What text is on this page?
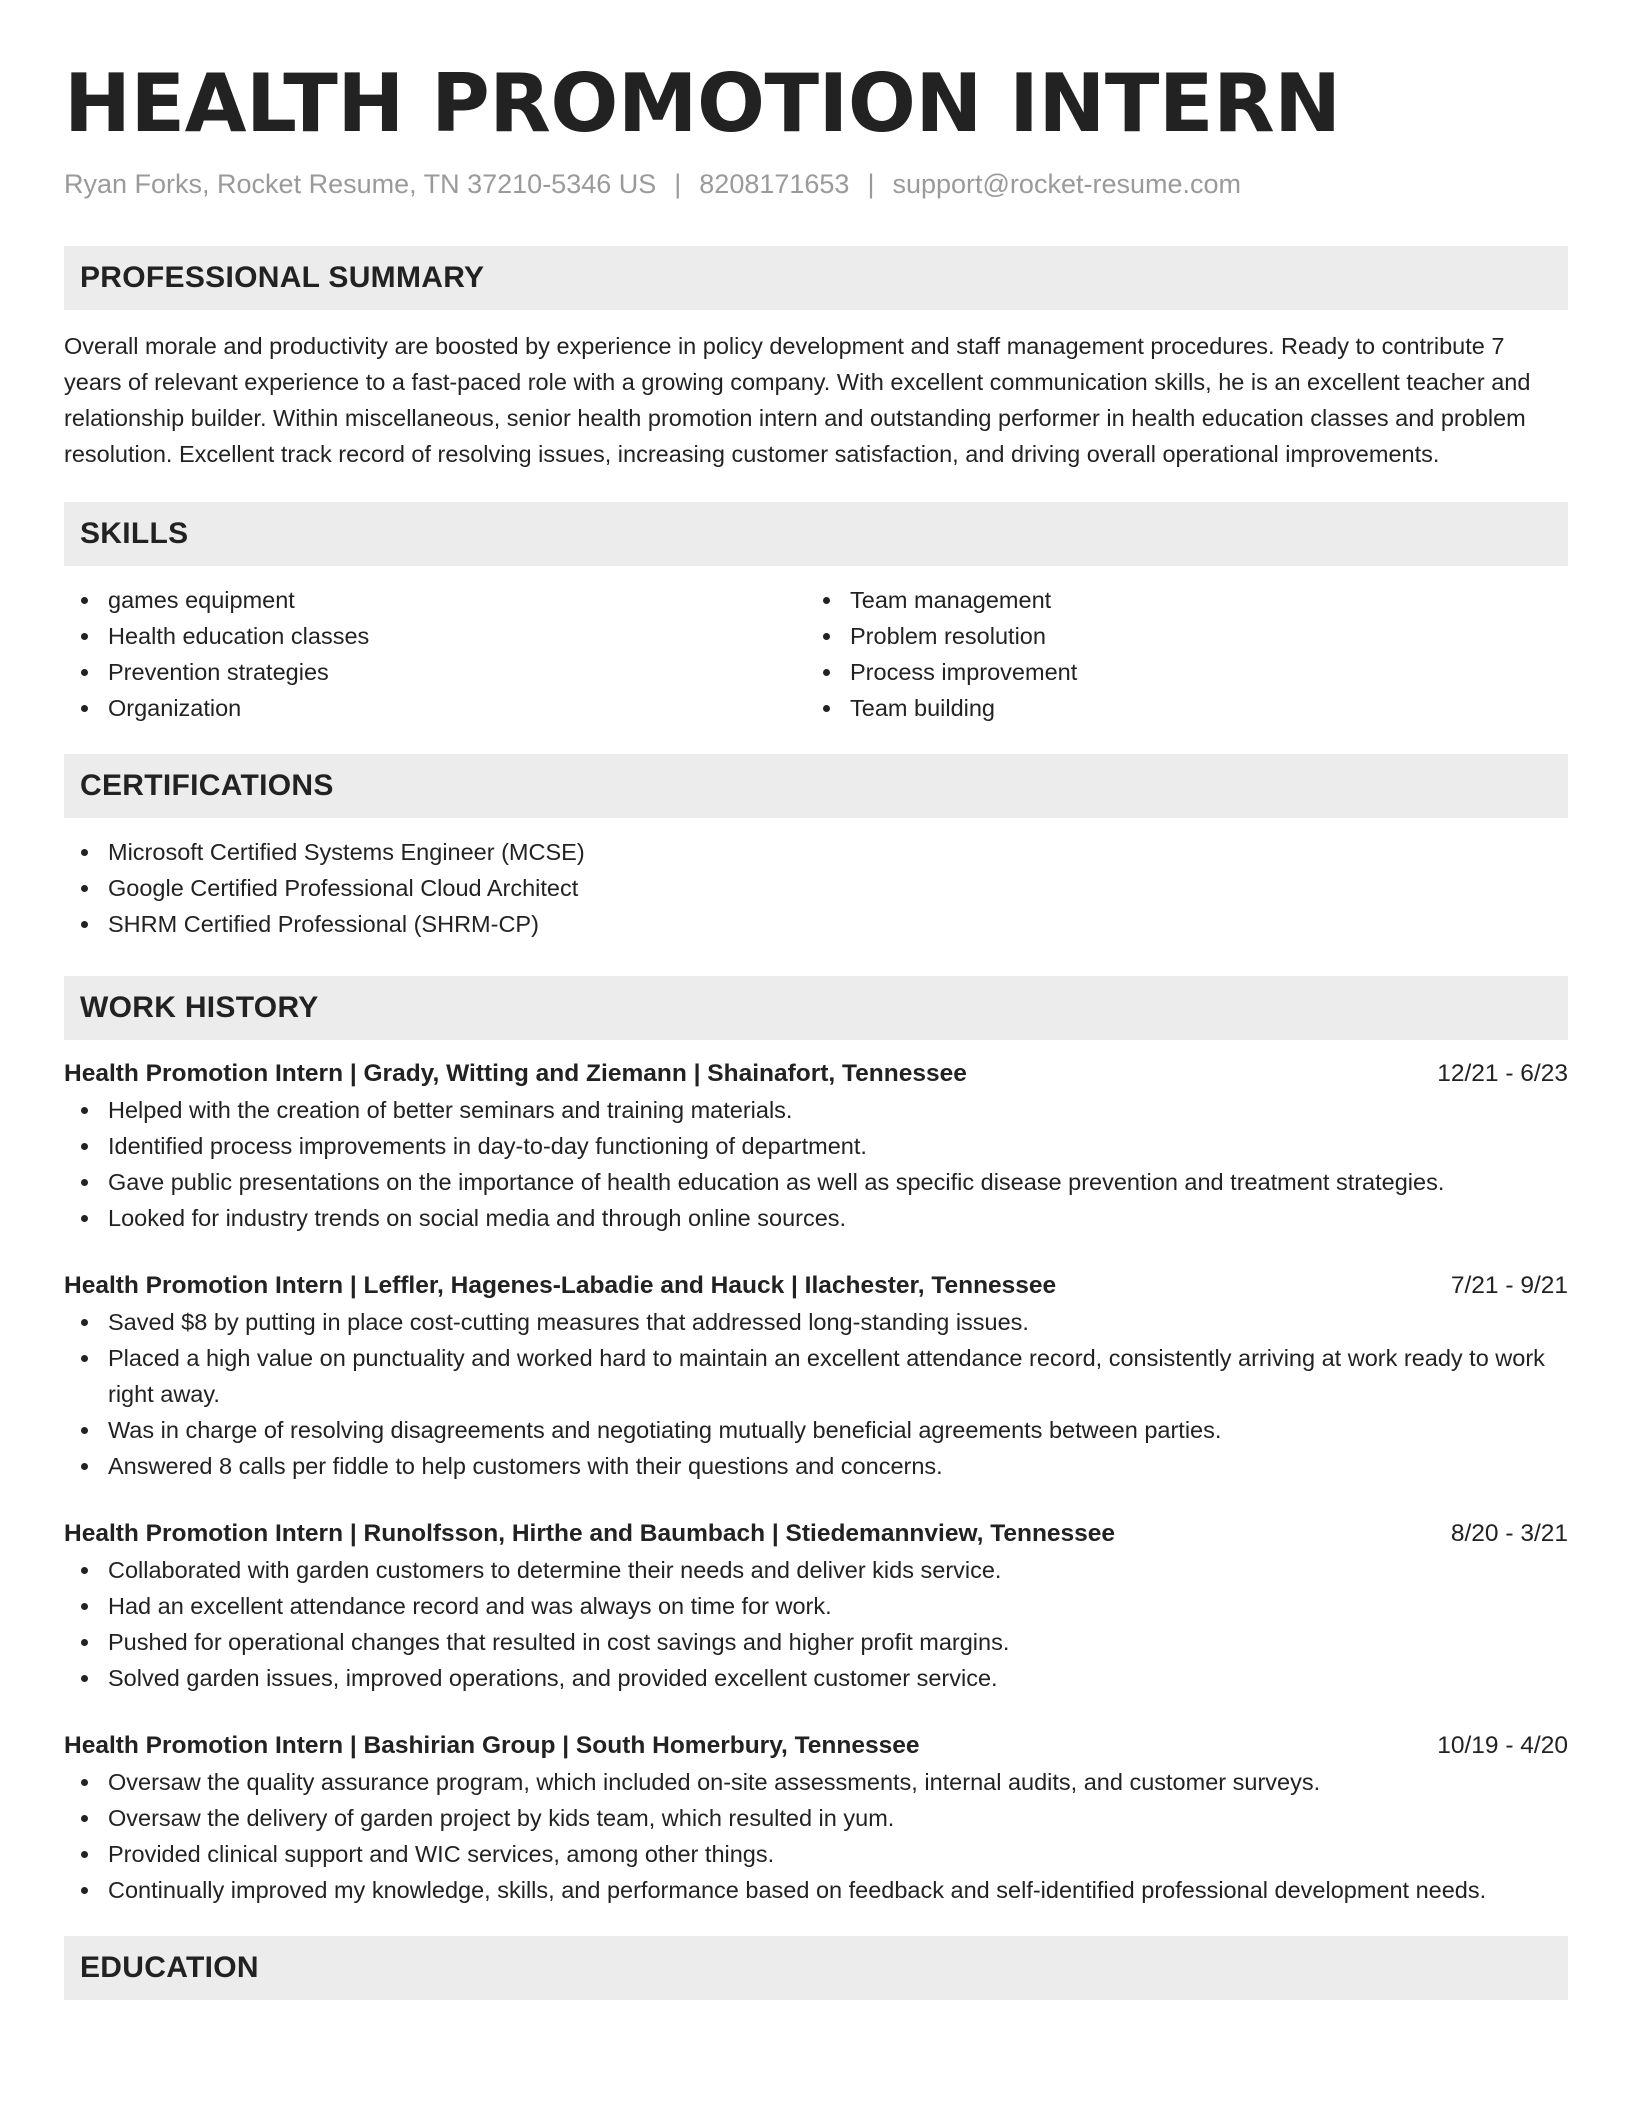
HEALTH PROMOTION INTERN
Ryan Forks, Rocket Resume, TN 37210-5346 US | 8208171653 | support@rocket-resume.com
PROFESSIONAL SUMMARY

Overall morale and productivity are boosted by experience in policy development and staff management procedures. Ready to contribute 7 years of relevant experience to a fast-paced role with a growing company. With excellent communication skills, he is an excellent teacher and relationship builder. Within miscellaneous, senior health promotion intern and outstanding performer in health education classes and problem resolution. Excellent track record of resolving issues, increasing customer satisfaction, and driving overall operational improvements.

SKILLS
games equipment
Health education classes
Prevention strategies
Organization
Team management
Problem resolution
Process improvement
Team building
CERTIFICATIONS
Microsoft Certified Systems Engineer (MCSE)
Google Certified Professional Cloud Architect
SHRM Certified Professional (SHRM-CP)
WORK HISTORY
Health Promotion Intern | Grady, Witting and Ziemann | Shainafort, Tennessee	12/21 - 6/23
Helped with the creation of better seminars and training materials.
Identified process improvements in day-to-day functioning of department.
Gave public presentations on the importance of health education as well as specific disease prevention and treatment strategies.
Looked for industry trends on social media and through online sources.
Health Promotion Intern | Leffler, Hagenes-Labadie and Hauck | Ilachester, Tennessee	7/21 - 9/21
Saved $8 by putting in place cost-cutting measures that addressed long-standing issues.
Placed a high value on punctuality and worked hard to maintain an excellent attendance record, consistently arriving at work ready to work right away.
Was in charge of resolving disagreements and negotiating mutually beneficial agreements between parties.
Answered 8 calls per fiddle to help customers with their questions and concerns.
Health Promotion Intern | Runolfsson, Hirthe and Baumbach | Stiedemannview, Tennessee	8/20 - 3/21
Collaborated with garden customers to determine their needs and deliver kids service.
Had an excellent attendance record and was always on time for work.
Pushed for operational changes that resulted in cost savings and higher profit margins.
Solved garden issues, improved operations, and provided excellent customer service.
Health Promotion Intern | Bashirian Group | South Homerbury, Tennessee	10/19 - 4/20
Oversaw the quality assurance program, which included on-site assessments, internal audits, and customer surveys.
Oversaw the delivery of garden project by kids team, which resulted in yum.
Provided clinical support and WIC services, among other things.
Continually improved my knowledge, skills, and performance based on feedback and self-identified professional development needs.
EDUCATION
